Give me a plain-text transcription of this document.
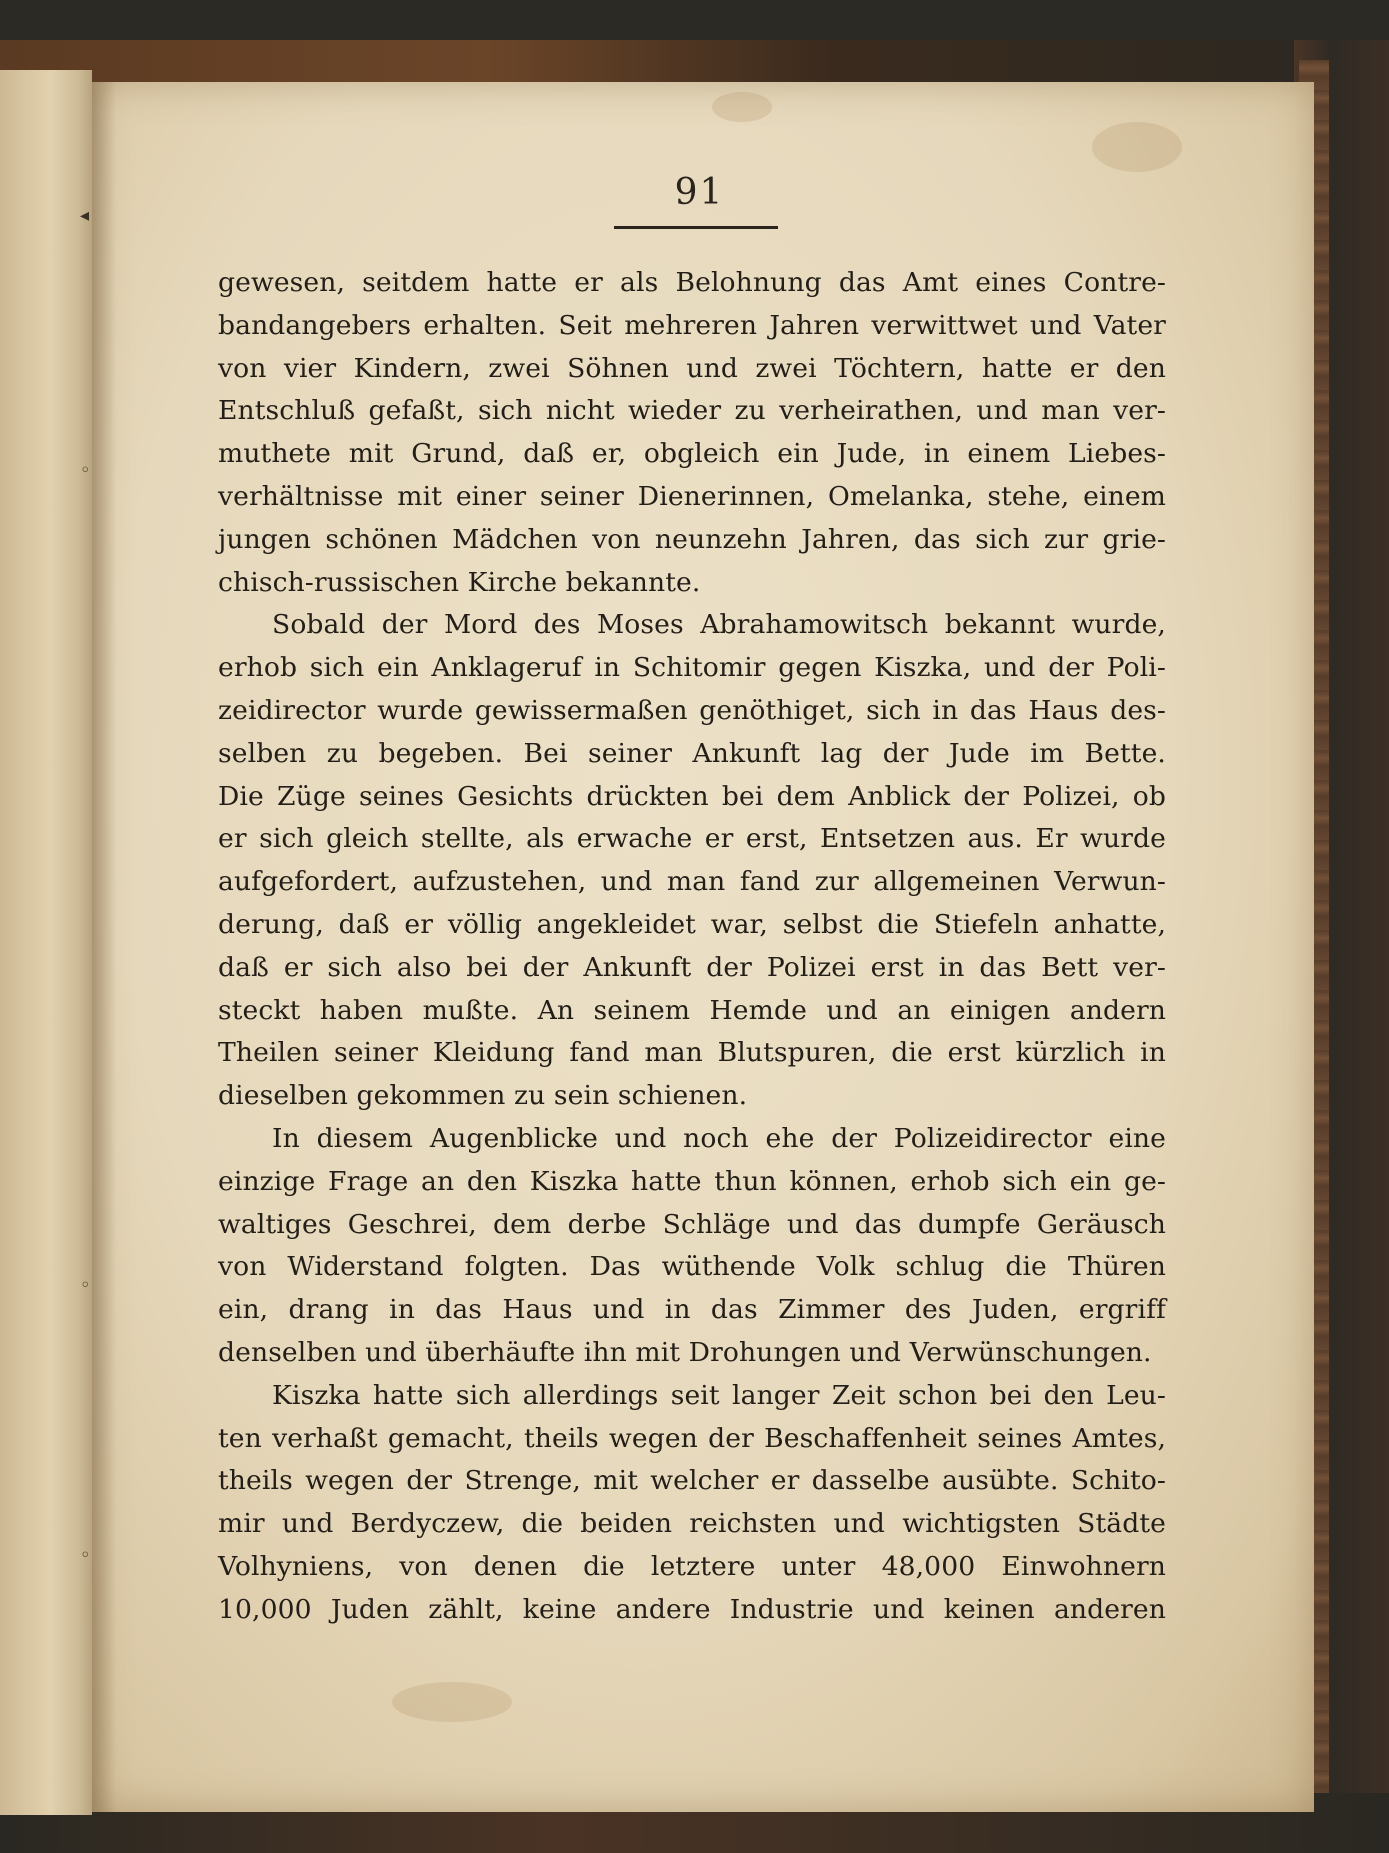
◂
◦
◦
◦
91
gewesen, seitdem hatte er als Belohnung das Amt eines Contre-
bandangebers erhalten. Seit mehreren Jahren verwittwet und Vater
von vier Kindern, zwei Söhnen und zwei Töchtern, hatte er den
Entschluß gefaßt, sich nicht wieder zu verheirathen, und man ver-
muthete mit Grund, daß er, obgleich ein Jude, in einem Liebes-
verhältnisse mit einer seiner Dienerinnen, Omelanka, stehe, einem
jungen schönen Mädchen von neunzehn Jahren, das sich zur grie-
chisch-russischen Kirche bekannte.
Sobald der Mord des Moses Abrahamowitsch bekannt wurde,
erhob sich ein Anklageruf in Schitomir gegen Kiszka, und der Poli-
zeidirector wurde gewissermaßen genöthiget, sich in das Haus des-
selben zu begeben. Bei seiner Ankunft lag der Jude im Bette.
Die Züge seines Gesichts drückten bei dem Anblick der Polizei, ob
er sich gleich stellte, als erwache er erst, Entsetzen aus. Er wurde
aufgefordert, aufzustehen, und man fand zur allgemeinen Verwun-
derung, daß er völlig angekleidet war, selbst die Stiefeln anhatte,
daß er sich also bei der Ankunft der Polizei erst in das Bett ver-
steckt haben mußte. An seinem Hemde und an einigen andern
Theilen seiner Kleidung fand man Blutspuren, die erst kürzlich in
dieselben gekommen zu sein schienen.
In diesem Augenblicke und noch ehe der Polizeidirector eine
einzige Frage an den Kiszka hatte thun können, erhob sich ein ge-
waltiges Geschrei, dem derbe Schläge und das dumpfe Geräusch
von Widerstand folgten. Das wüthende Volk schlug die Thüren
ein, drang in das Haus und in das Zimmer des Juden, ergriff
denselben und überhäufte ihn mit Drohungen und Verwünschungen.
Kiszka hatte sich allerdings seit langer Zeit schon bei den Leu-
ten verhaßt gemacht, theils wegen der Beschaffenheit seines Amtes,
theils wegen der Strenge, mit welcher er dasselbe ausübte. Schito-
mir und Berdyczew, die beiden reichsten und wichtigsten Städte
Volhyniens, von denen die letztere unter 48,000 Einwohnern
10,000 Juden zählt, keine andere Industrie und keinen anderen
